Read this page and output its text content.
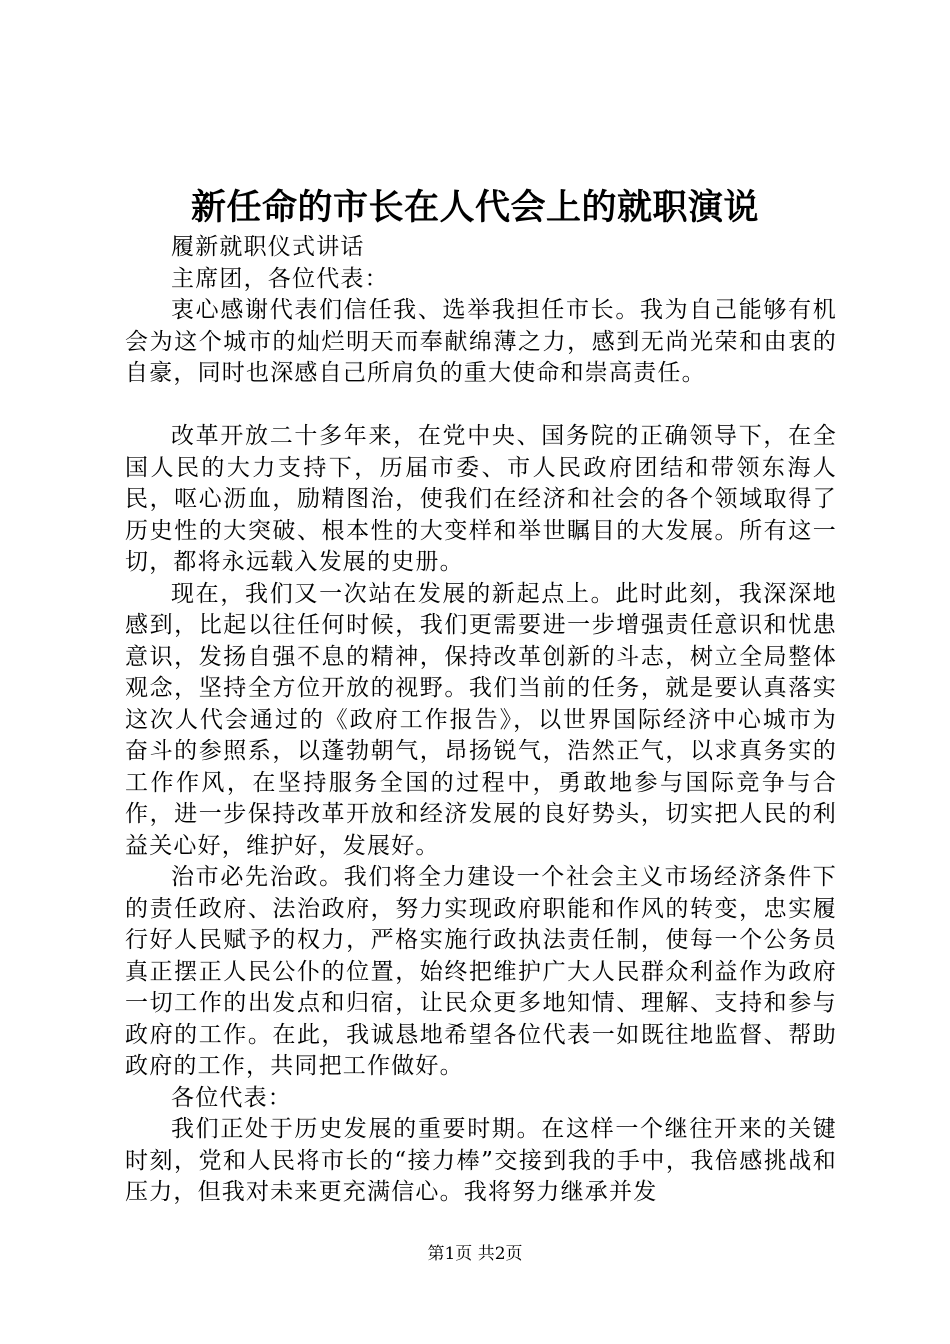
新任命的市长在人代会上的就职演说

履新就职仪式讲话

主席团，各位代表：

衷心感谢代表们信任我、选举我担任市长。我为自己能够有机会为这个城市的灿烂明天而奉献绵薄之力，感到无尚光荣和由衷的自豪，同时也深感自己所肩负的重大使命和崇高责任。

改革开放二十多年来，在党中央、国务院的正确领导下，在全国人民的大力支持下，历届市委、市人民政府团结和带领东海人民，呕心沥血，励精图治，使我们在经济和社会的各个领域取得了历史性的大突破、根本性的大变样和举世瞩目的大发展。所有这一切，都将永远载入发展的史册。

现在，我们又一次站在发展的新起点上。此时此刻，我深深地感到，比起以往任何时候，我们更需要进一步增强责任意识和忧患意识，发扬自强不息的精神，保持改革创新的斗志，树立全局整体观念，坚持全方位开放的视野。我们当前的任务，就是要认真落实这次人代会通过的《政府工作报告》，以世界国际经济中心城市为奋斗的参照系，以蓬勃朝气，昂扬锐气，浩然正气，以求真务实的工作作风，在坚持服务全国的过程中，勇敢地参与国际竞争与合作，进一步保持改革开放和经济发展的良好势头，切实把人民的利益关心好，维护好，发展好。

治市必先治政。我们将全力建设一个社会主义市场经济条件下的责任政府、法治政府，努力实现政府职能和作风的转变，忠实履行好人民赋予的权力，严格实施行政执法责任制，使每一个公务员真正摆正人民公仆的位置，始终把维护广大人民群众利益作为政府一切工作的出发点和归宿，让民众更多地知情、理解、支持和参与政府的工作。在此，我诚恳地希望各位代表一如既往地监督、帮助政府的工作，共同把工作做好。

各位代表：

我们正处于历史发展的重要时期。在这样一个继往开来的关键时刻，党和人民将市长的“接力棒”交接到我的手中，我倍感挑战和压力，但我对未来更充满信心。我将努力继承并发

第1页 共2页
